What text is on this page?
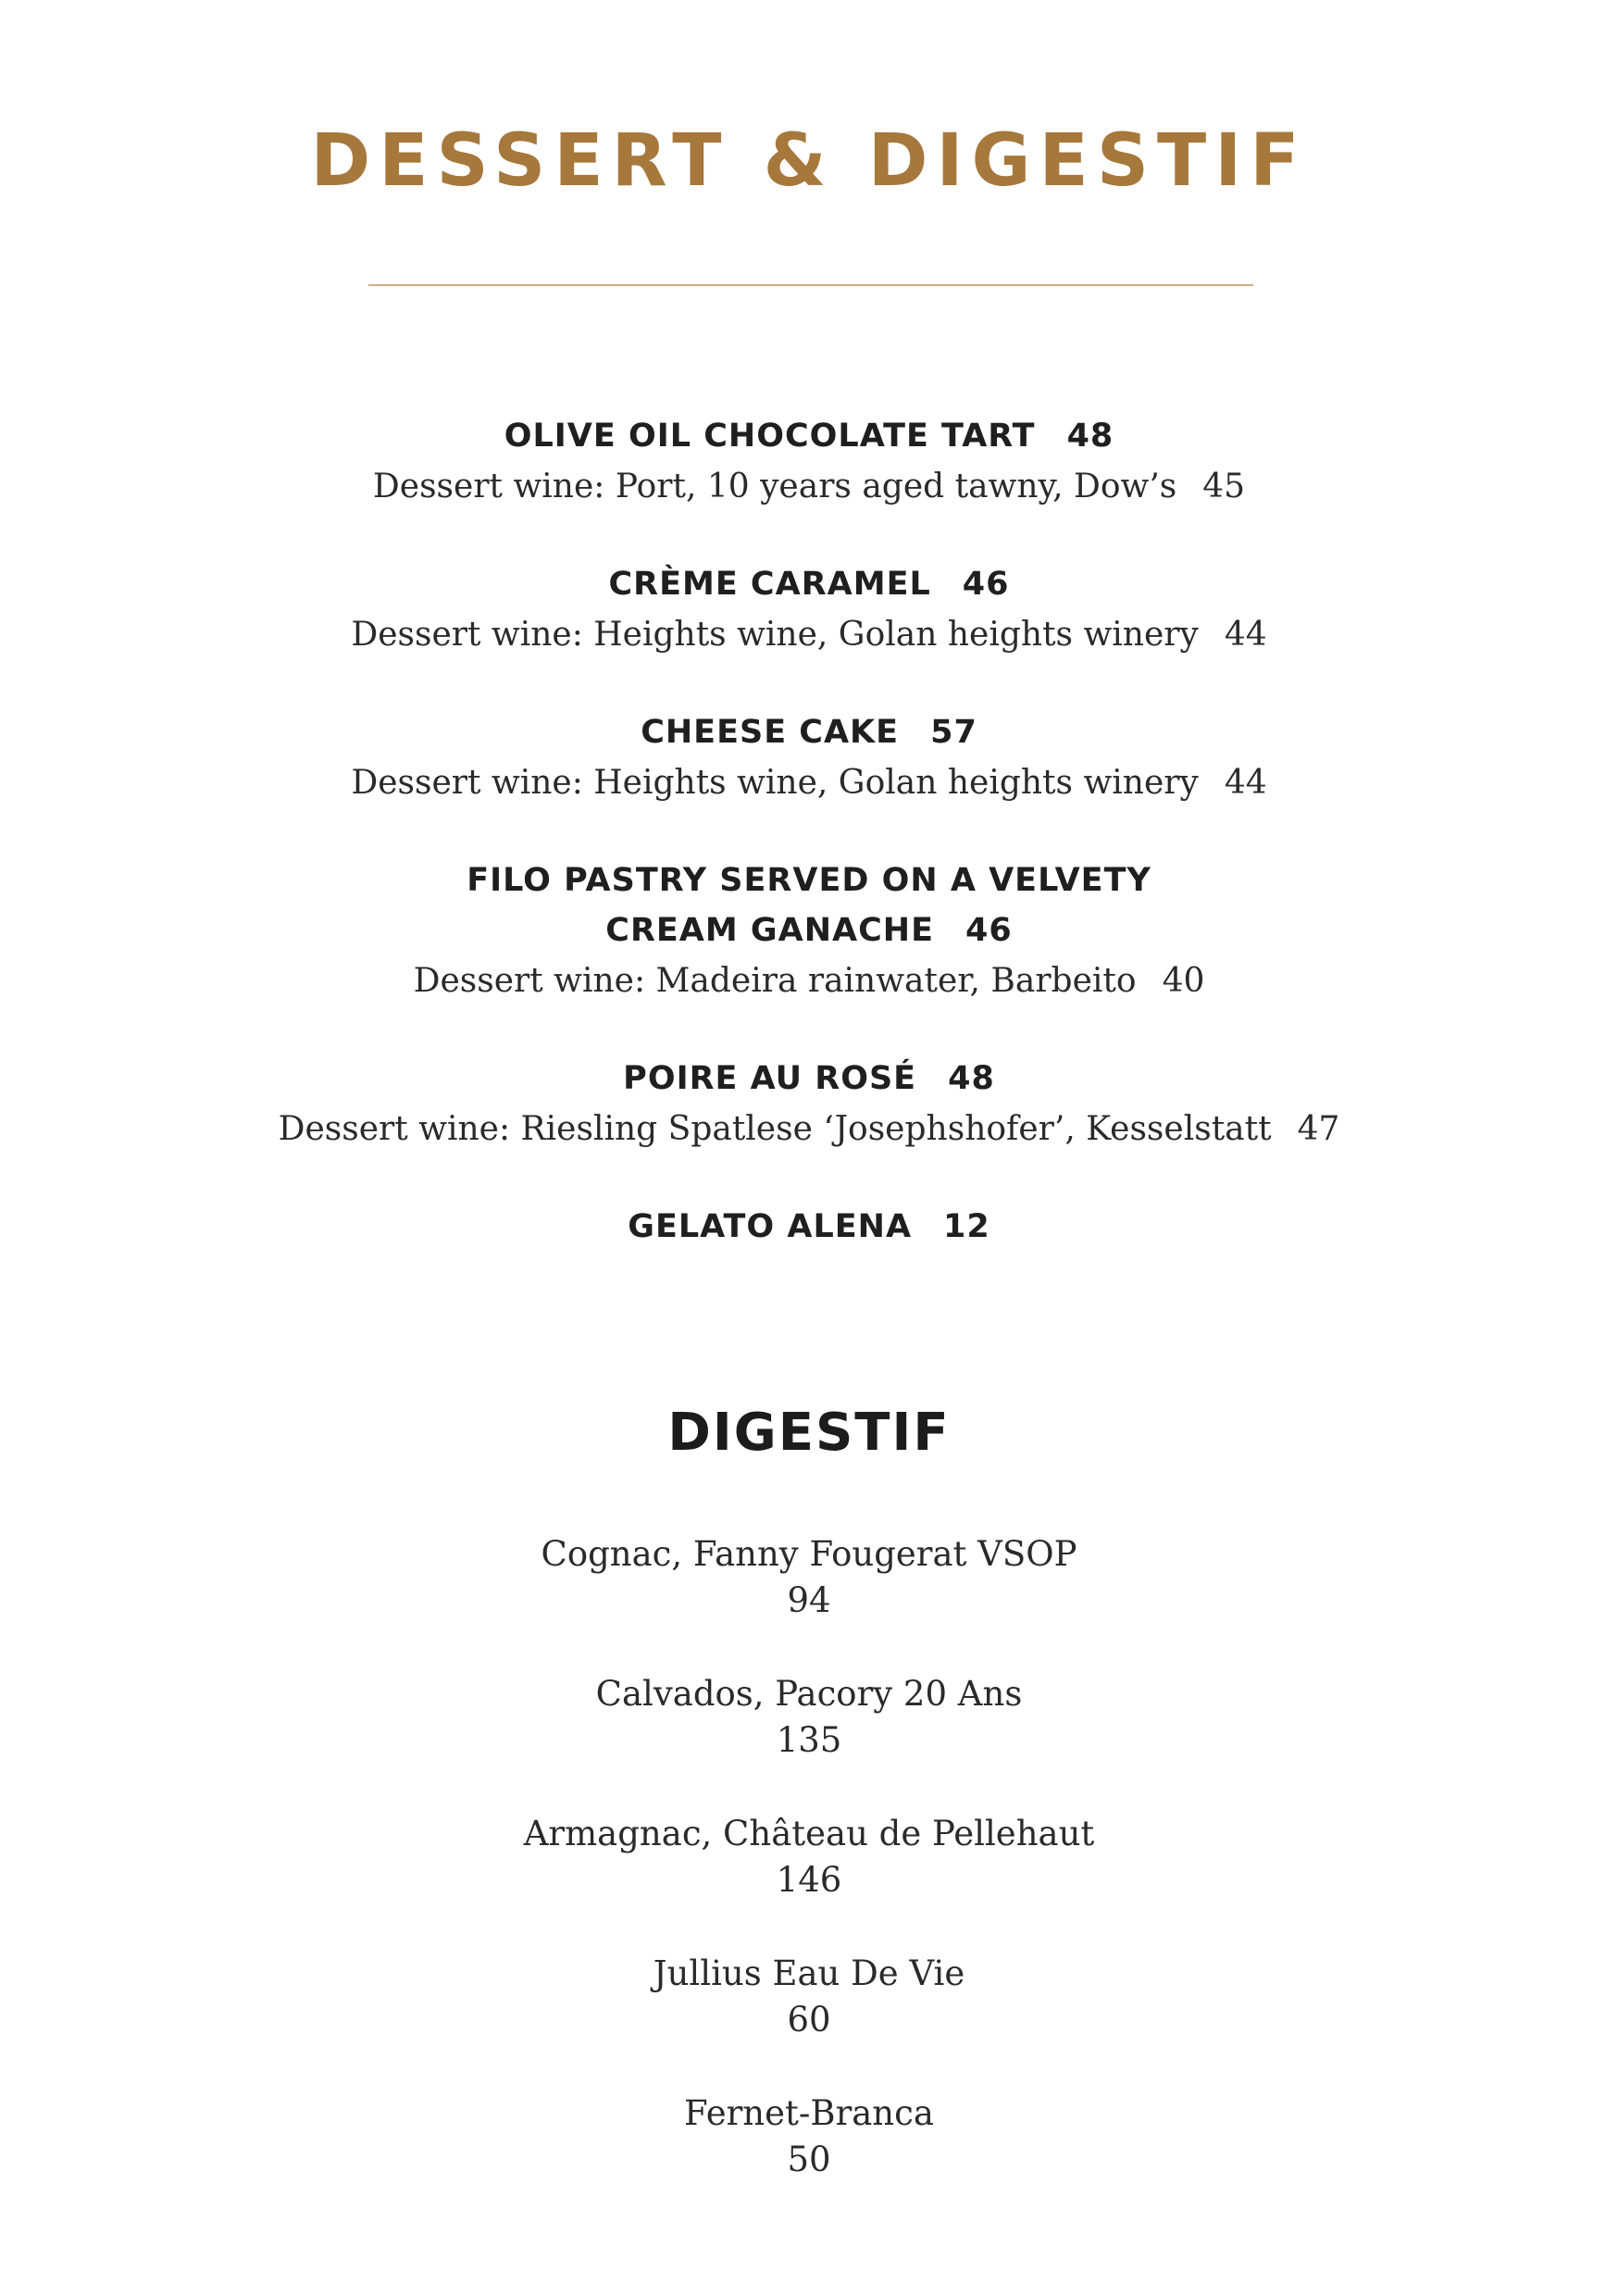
DESSERT & DIGESTIF
OLIVE OIL CHOCOLATE TART 48
Dessert wine: Port, 10 years aged tawny, Dow’s 45
CRÈME CARAMEL 46
Dessert wine: Heights wine, Golan heights winery 44
CHEESE CAKE 57
Dessert wine: Heights wine, Golan heights winery 44
FILO PASTRY SERVED ON A VELVETY CREAM GANACHE 46
Dessert wine: Madeira rainwater, Barbeito 40
POIRE AU ROSÉ 48
Dessert wine: Riesling Spatlese ‘Josephshofer’, Kesselstatt 47
GELATO ALENA 12
DIGESTIF
Cognac, Fanny Fougerat VSOP
94
Calvados, Pacory 20 Ans
135
Armagnac, Château de Pellehaut
146
Jullius Eau De Vie
60
Fernet-Branca
50
